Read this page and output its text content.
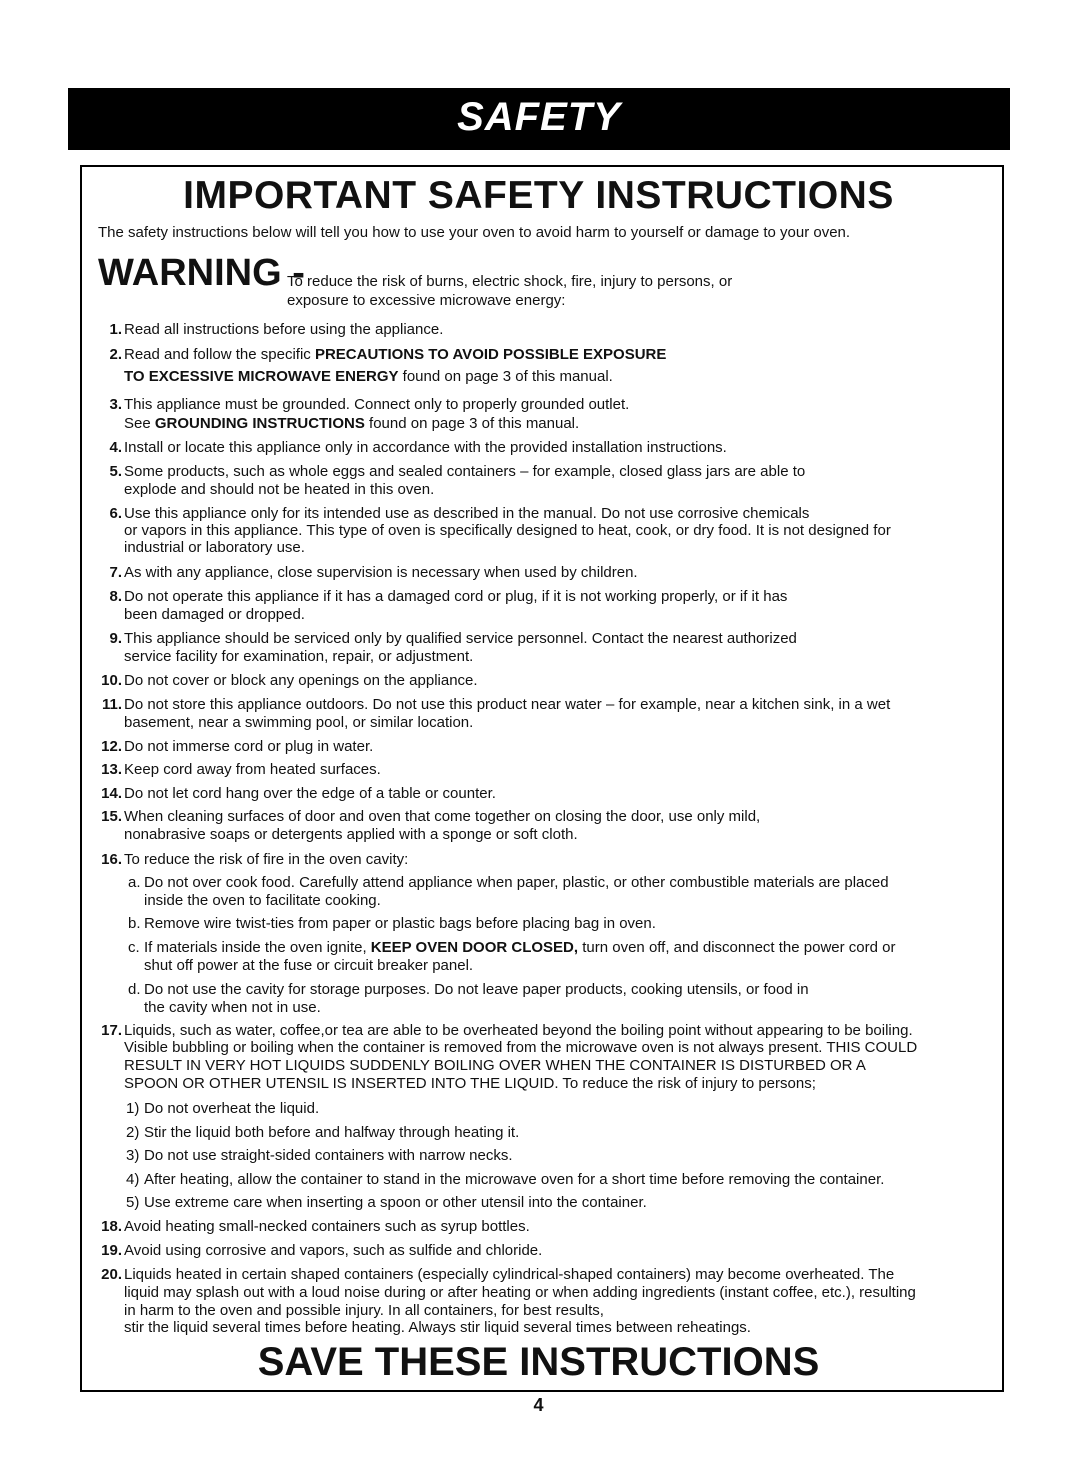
SAFETY
IMPORTANT SAFETY INSTRUCTIONS
The safety instructions below will tell you how to use your oven to avoid harm to yourself or damage to your oven.
WARNING -
To reduce the risk of burns, electric shock, fire, injury to persons, or
exposure to excessive microwave energy:
1. Read all instructions before using the appliance.
2. Read and follow the specific PRECAUTIONS TO AVOID POSSIBLE EXPOSURE
TO EXCESSIVE MICROWAVE ENERGY found on page 3 of this manual.
3. This appliance must be grounded. Connect only to properly grounded outlet.
See GROUNDING INSTRUCTIONS found on page 3 of this manual.
4. Install or locate this appliance only in accordance with the provided installation instructions.
5. Some products, such as whole eggs and sealed containers – for example, closed glass jars are able to
explode and should not be heated in this oven.
6. Use this appliance only for its intended use as described in the manual. Do not use corrosive chemicals
or vapors in this appliance. This type of oven is specifically designed to heat, cook, or dry food. It is not designed for
industrial or laboratory use.
7. As with any appliance, close supervision is necessary when used by children.
8. Do not operate this appliance if it has a damaged cord or plug, if it is not working properly, or if it has
been damaged or dropped.
9. This appliance should be serviced only by qualified service personnel. Contact the nearest authorized
service facility for examination, repair, or adjustment.
10. Do not cover or block any openings on the appliance.
11. Do not store this appliance outdoors. Do not use this product near water – for example, near a kitchen sink, in a wet
basement, near a swimming pool, or similar location.
12. Do not immerse cord or plug in water.
13. Keep cord away from heated surfaces.
14. Do not let cord hang over the edge of a table or counter.
15. When cleaning surfaces of door and oven that come together on closing the door, use only mild,
nonabrasive soaps or detergents applied with a sponge or soft cloth.
16. To reduce the risk of fire in the oven cavity:
a. Do not over cook food. Carefully attend appliance when paper, plastic, or other combustible materials are placed
inside the oven to facilitate cooking.
b. Remove wire twist-ties from paper or plastic bags before placing bag in oven.
c. If materials inside the oven ignite, KEEP OVEN DOOR CLOSED, turn oven off, and disconnect the power cord or
shut off power at the fuse or circuit breaker panel.
d. Do not use the cavity for storage purposes. Do not leave paper products, cooking utensils, or food in
the cavity when not in use.
17. Liquids, such as water, coffee,or tea are able to be overheated beyond the boiling point without appearing to be boiling.
Visible bubbling or boiling when the container is removed from the microwave oven is not always present. THIS COULD
RESULT IN VERY HOT LIQUIDS SUDDENLY BOILING OVER WHEN THE CONTAINER IS DISTURBED OR A
SPOON OR OTHER UTENSIL IS INSERTED INTO THE LIQUID. To reduce the risk of injury to persons;
1) Do not overheat the liquid.
2) Stir the liquid both before and halfway through heating it.
3) Do not use straight-sided containers with narrow necks.
4) After heating, allow the container to stand in the microwave oven for a short time before removing the container.
5) Use extreme care when inserting a spoon or other utensil into the container.
18. Avoid heating small-necked containers such as syrup bottles.
19. Avoid using corrosive and vapors, such as sulfide and chloride.
20. Liquids heated in certain shaped containers (especially cylindrical-shaped containers) may become overheated. The
liquid may splash out with a loud noise during or after heating or when adding ingredients (instant coffee, etc.), resulting
in harm to the oven and possible injury. In all containers, for best results,
stir the liquid several times before heating. Always stir liquid several times between reheatings.
SAVE THESE INSTRUCTIONS
4
